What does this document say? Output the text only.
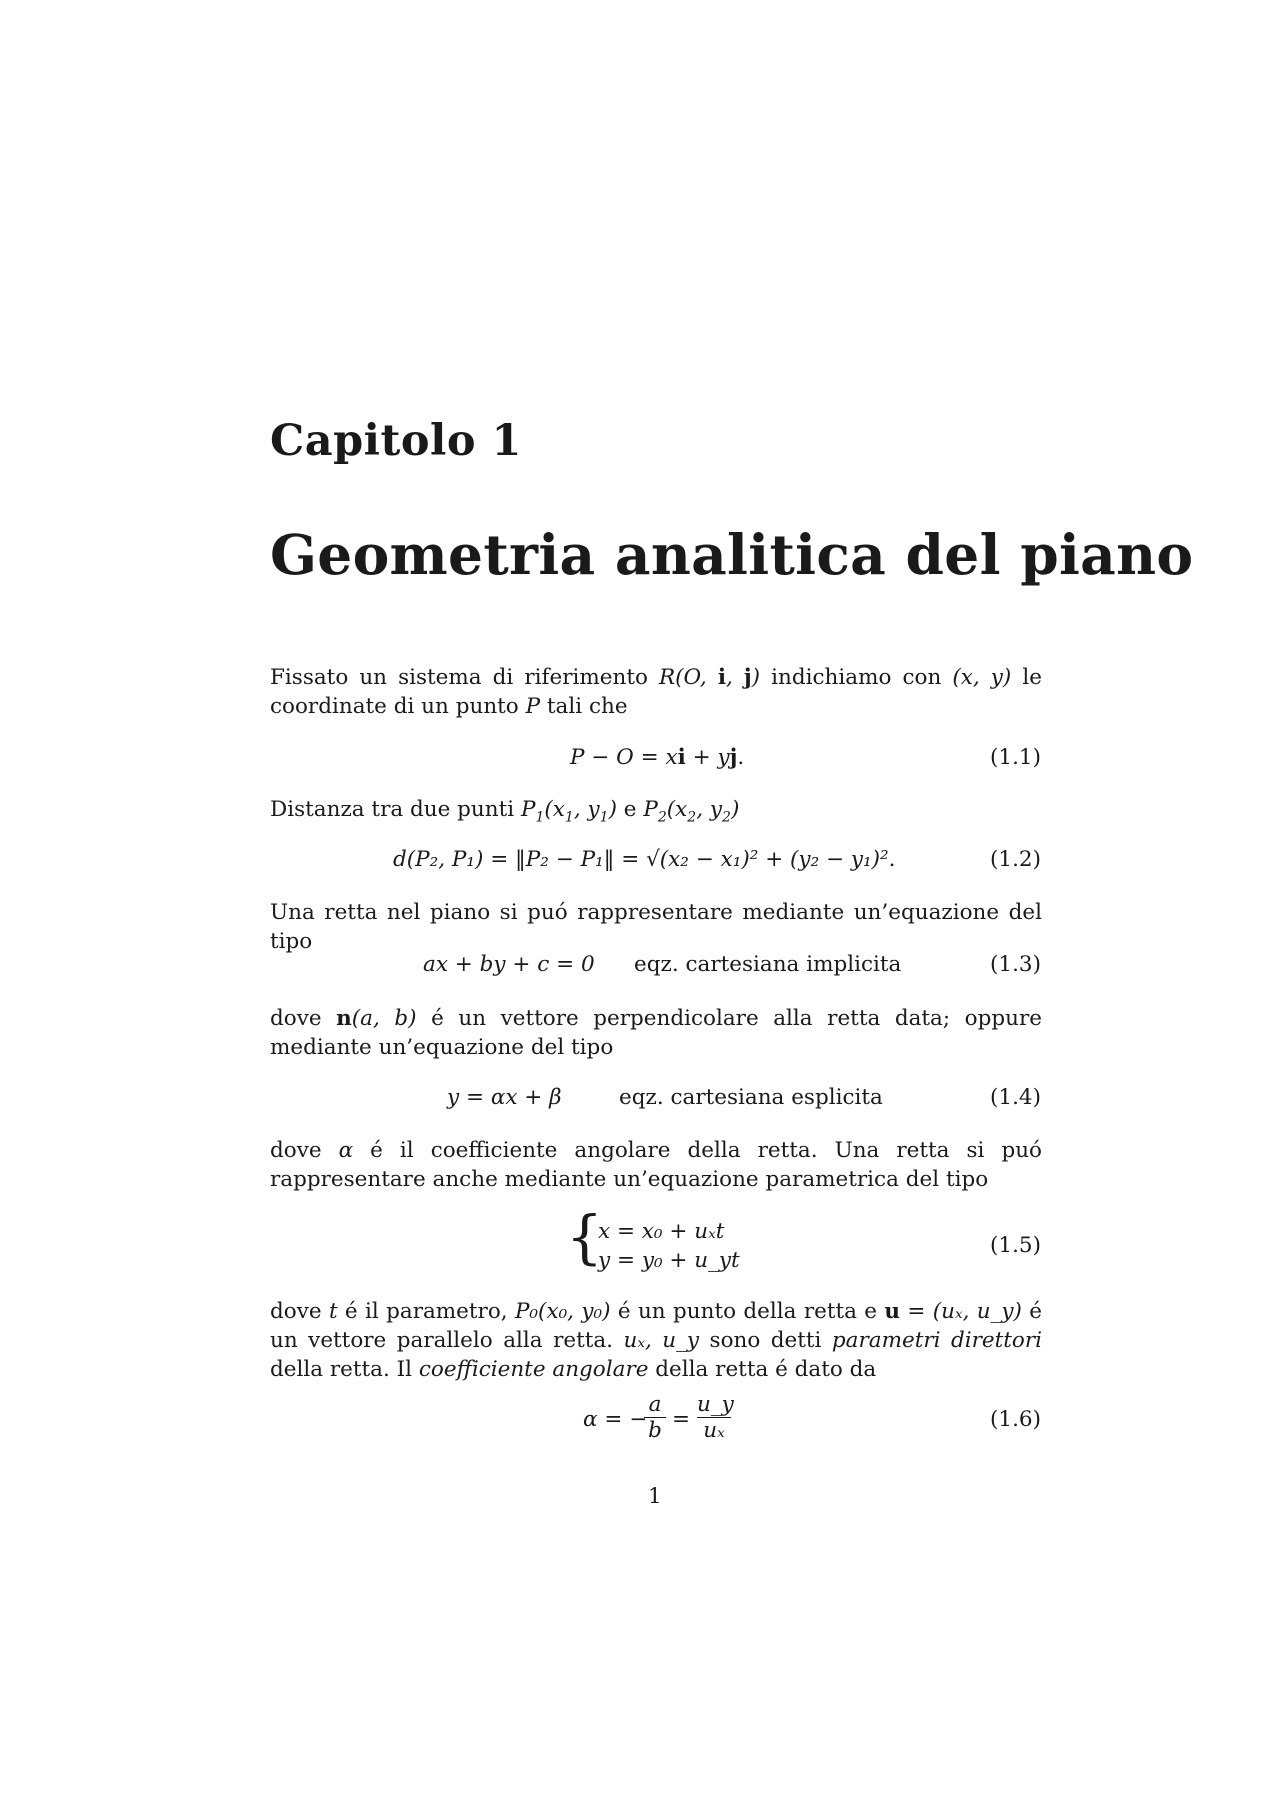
Capitolo 1
Geometria analitica del piano
Fissato un sistema di riferimento R(O, i, j) indichiamo con (x, y) le coordinate di un punto P tali che
P − O = xi + yj.	(1.1)
Distanza tra due punti $P_1(x_1$, $y_1$) e $P_2(x_2$, $y_2$)
d(P₂, P₁) = ‖P₂ − P₁‖ = √(x₂ − x₁)² + (y₂ − y₁)².	(1.2)
Una retta nel piano si puó rappresentare mediante un’equazione del tipo
ax + by + c = 0 eqz. cartesiana implicita	(1.3)
dove n(a, b) é un vettore perpendicolare alla retta data; oppure mediante un’equazione del tipo
y = αx + β	eqz. cartesiana esplicita	(1.4)
dove α é il coefficiente angolare della retta. Una retta si puó rappresentare anche mediante un’equazione parametrica del tipo
{
x = x₀ + uₓt
y = y₀ + u_yt
(1.5)
dove t é il parametro, P₀(x₀, y₀) é un punto della retta e u = (uₓ, u_y) é un vettore parallelo alla retta. uₓ, u_y sono detti parametri direttori della retta. Il coefficiente angolare della retta é dato da
α = −
a
b =
u_y
uₓ	(1.6)
1
